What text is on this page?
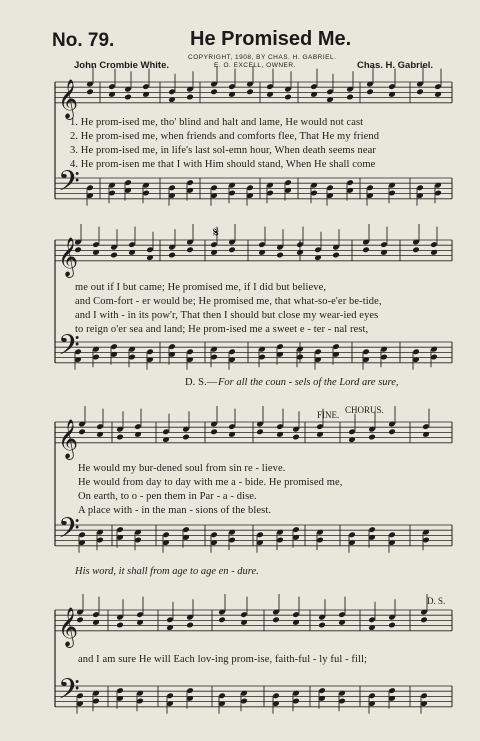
No. 79.	He Promised Me.
COPYRIGHT, 1908, BY CHAS. H. GABRIEL.
E. O. EXCELL, OWNER.
John Crombie White.	Chas. H. Gabriel.
𝄞
𝄢
𝄞
𝄢
𝄞
𝄢
𝄞
𝄢
1. He prom-ised me, tho' blind and halt and lame, He would not cast
2. He prom-ised me, when friends and comforts flee, That He my friend
3. He prom-ised me, in life's last sol-emn hour, When death seems near
4. He prom-isen me that I with Him should stand, When He shall come
𝄋
me out if I but came; He promised me, if I did but believe,
and Com-fort - er would be; He promised me, that what-so-e'er be-tide,
and I with - in its pow'r, That then I should but close my wear-ied eyes
to reign o'er sea and land; He prom-ised me a sweet e - ter - nal rest,
D. S.— For all the coun - sels of the Lord are sure,
FINE. CHORUS.
He would my bur-dened soul from sin re - lieve.
He would from day to day with me a - bide. He promised me,
On earth, to o - pen them in Par - a - dise.
A place with - in the man - sions of the blest.
His word, it shall from age to age en - dure.
D. S.
and I am sure He will Each lov-ing prom-ise, faith-ful - ly ful - fill;
